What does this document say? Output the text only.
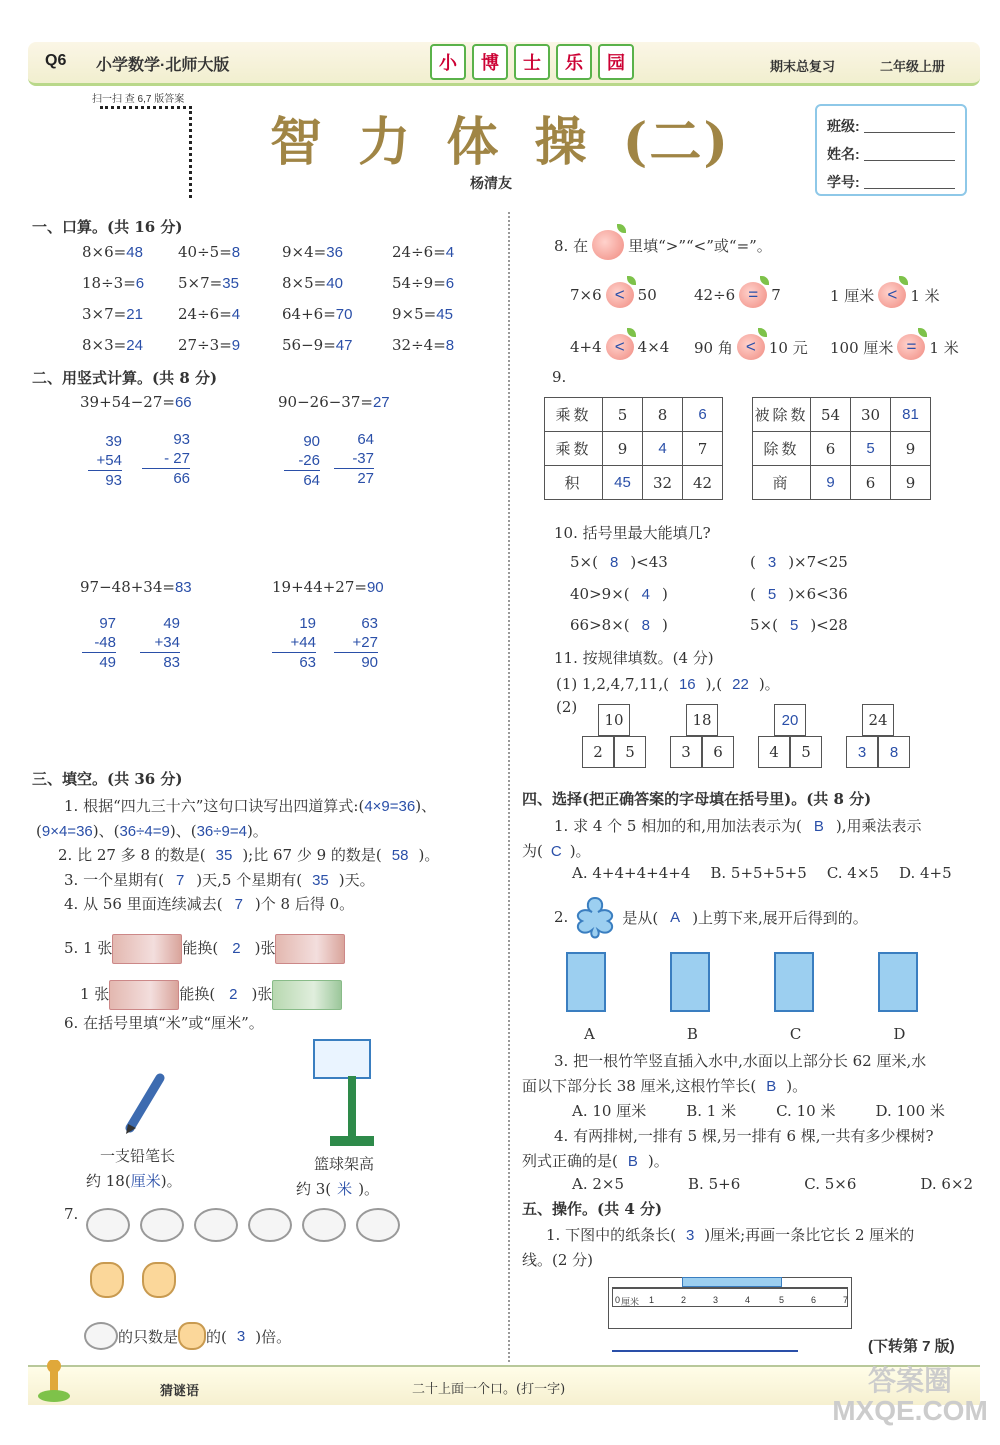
Q6 小学数学·北师大版	小	博	士	乐	园	期末总复习	二年级上册
扫一扫 查 6,7 版答案
智 力 体 操 (二)
杨清友
班级:
姓名:
学号:
一、口算。(共 16 分)
8×6=48	40÷5=8	9×4=36	24÷6=4
18÷3=6	5×7=35	8×5=40	54÷9=6
3×7=21	24÷6=4	64+6=70	9×5=45
8×3=24	27÷3=9	56−9=47	32÷4=8
二、用竖式计算。(共 8 分)
39+54−27=66
39
+54
93
93
- 27
66
90−26−37=27
90
-26
64
64
-37
27
97−48+34=83
97
-48
49
49
+34
83
19+44+27=90
19
+44
63
63
+27
90
三、填空。(共 36 分)
1. 根据“四九三十六”这句口诀写出四道算式:(4×9=36)、
(9×4=36)、(36÷4=9)、(36÷9=4)。
2. 比 27 多 8 的数是( 35 );比 67 少 9 的数是( 58 )。
3. 一个星期有( 7 )天,5 个星期有( 35 )天。
4. 从 56 里面连续减去( 7 )个 8 后得 0。
5. 1 张	能换( 2 )张
1 张	能换( 2 )张
6. 在括号里填“米”或“厘米”。
一支铅笔长
约 18(厘米)。
篮球架高
约 3( 米 )。
7.
的只数是 的( 3 )倍。
8. 在	里填“>”“<”或“=”。
7×6 < 50 42÷6 = 7	1 厘米 < 1 米
4+4 < 4×4 90 角 < 10 元 100 厘米 = 1 米
9.
乘数	5	8	6
乘数	9	4	7
积	45	32	42
被除数	54	30	81
除数	6	5	9
商	9	6	9
10. 括号里最大能填几?
5×( 8 )<43	( 3 )×7<25
40>9×( 4 )	( 5 )×6<36
66>8×( 8 )	5×( 5 )<28
11. 按规律填数。(4 分)
(1) 1,2,4,7,11,( 16 ),( 22 )。
(2)
10
2	5
18
3	6
20
4	5
24
3	8
四、选择(把正确答案的字母填在括号里)。(共 8 分)
1. 求 4 个 5 相加的和,用加法表示为( B ),用乘法表示
为( C )。
A. 4+4+4+4+4 B. 5+5+5+5 C. 4×5 D. 4+5
2.	是从( A )上剪下来,展开后得到的。
A	B	C	D
3. 把一根竹竿竖直插入水中,水面以上部分长 62 厘米,水
面以下部分长 38 厘米,这根竹竿长( B )。
A. 10 厘米	B. 1 米	C. 10 米	D. 100 米
4. 有两排树,一排有 5 棵,另一排有 6 棵,一共有多少棵树?
列式正确的是( B )。
A. 2×5	B. 5+6	C. 5×6	D. 6×2
五、操作。(共 4 分)
1. 下图中的纸条长( 3 )厘米;再画一条比它长 2 厘米的
线。(2 分)
0 厘米 1	2	3	4	5	6	7
(下转第 7 版)
猜谜语	二十上面一个口。(打一字)	答案圈 MXQE.COM
